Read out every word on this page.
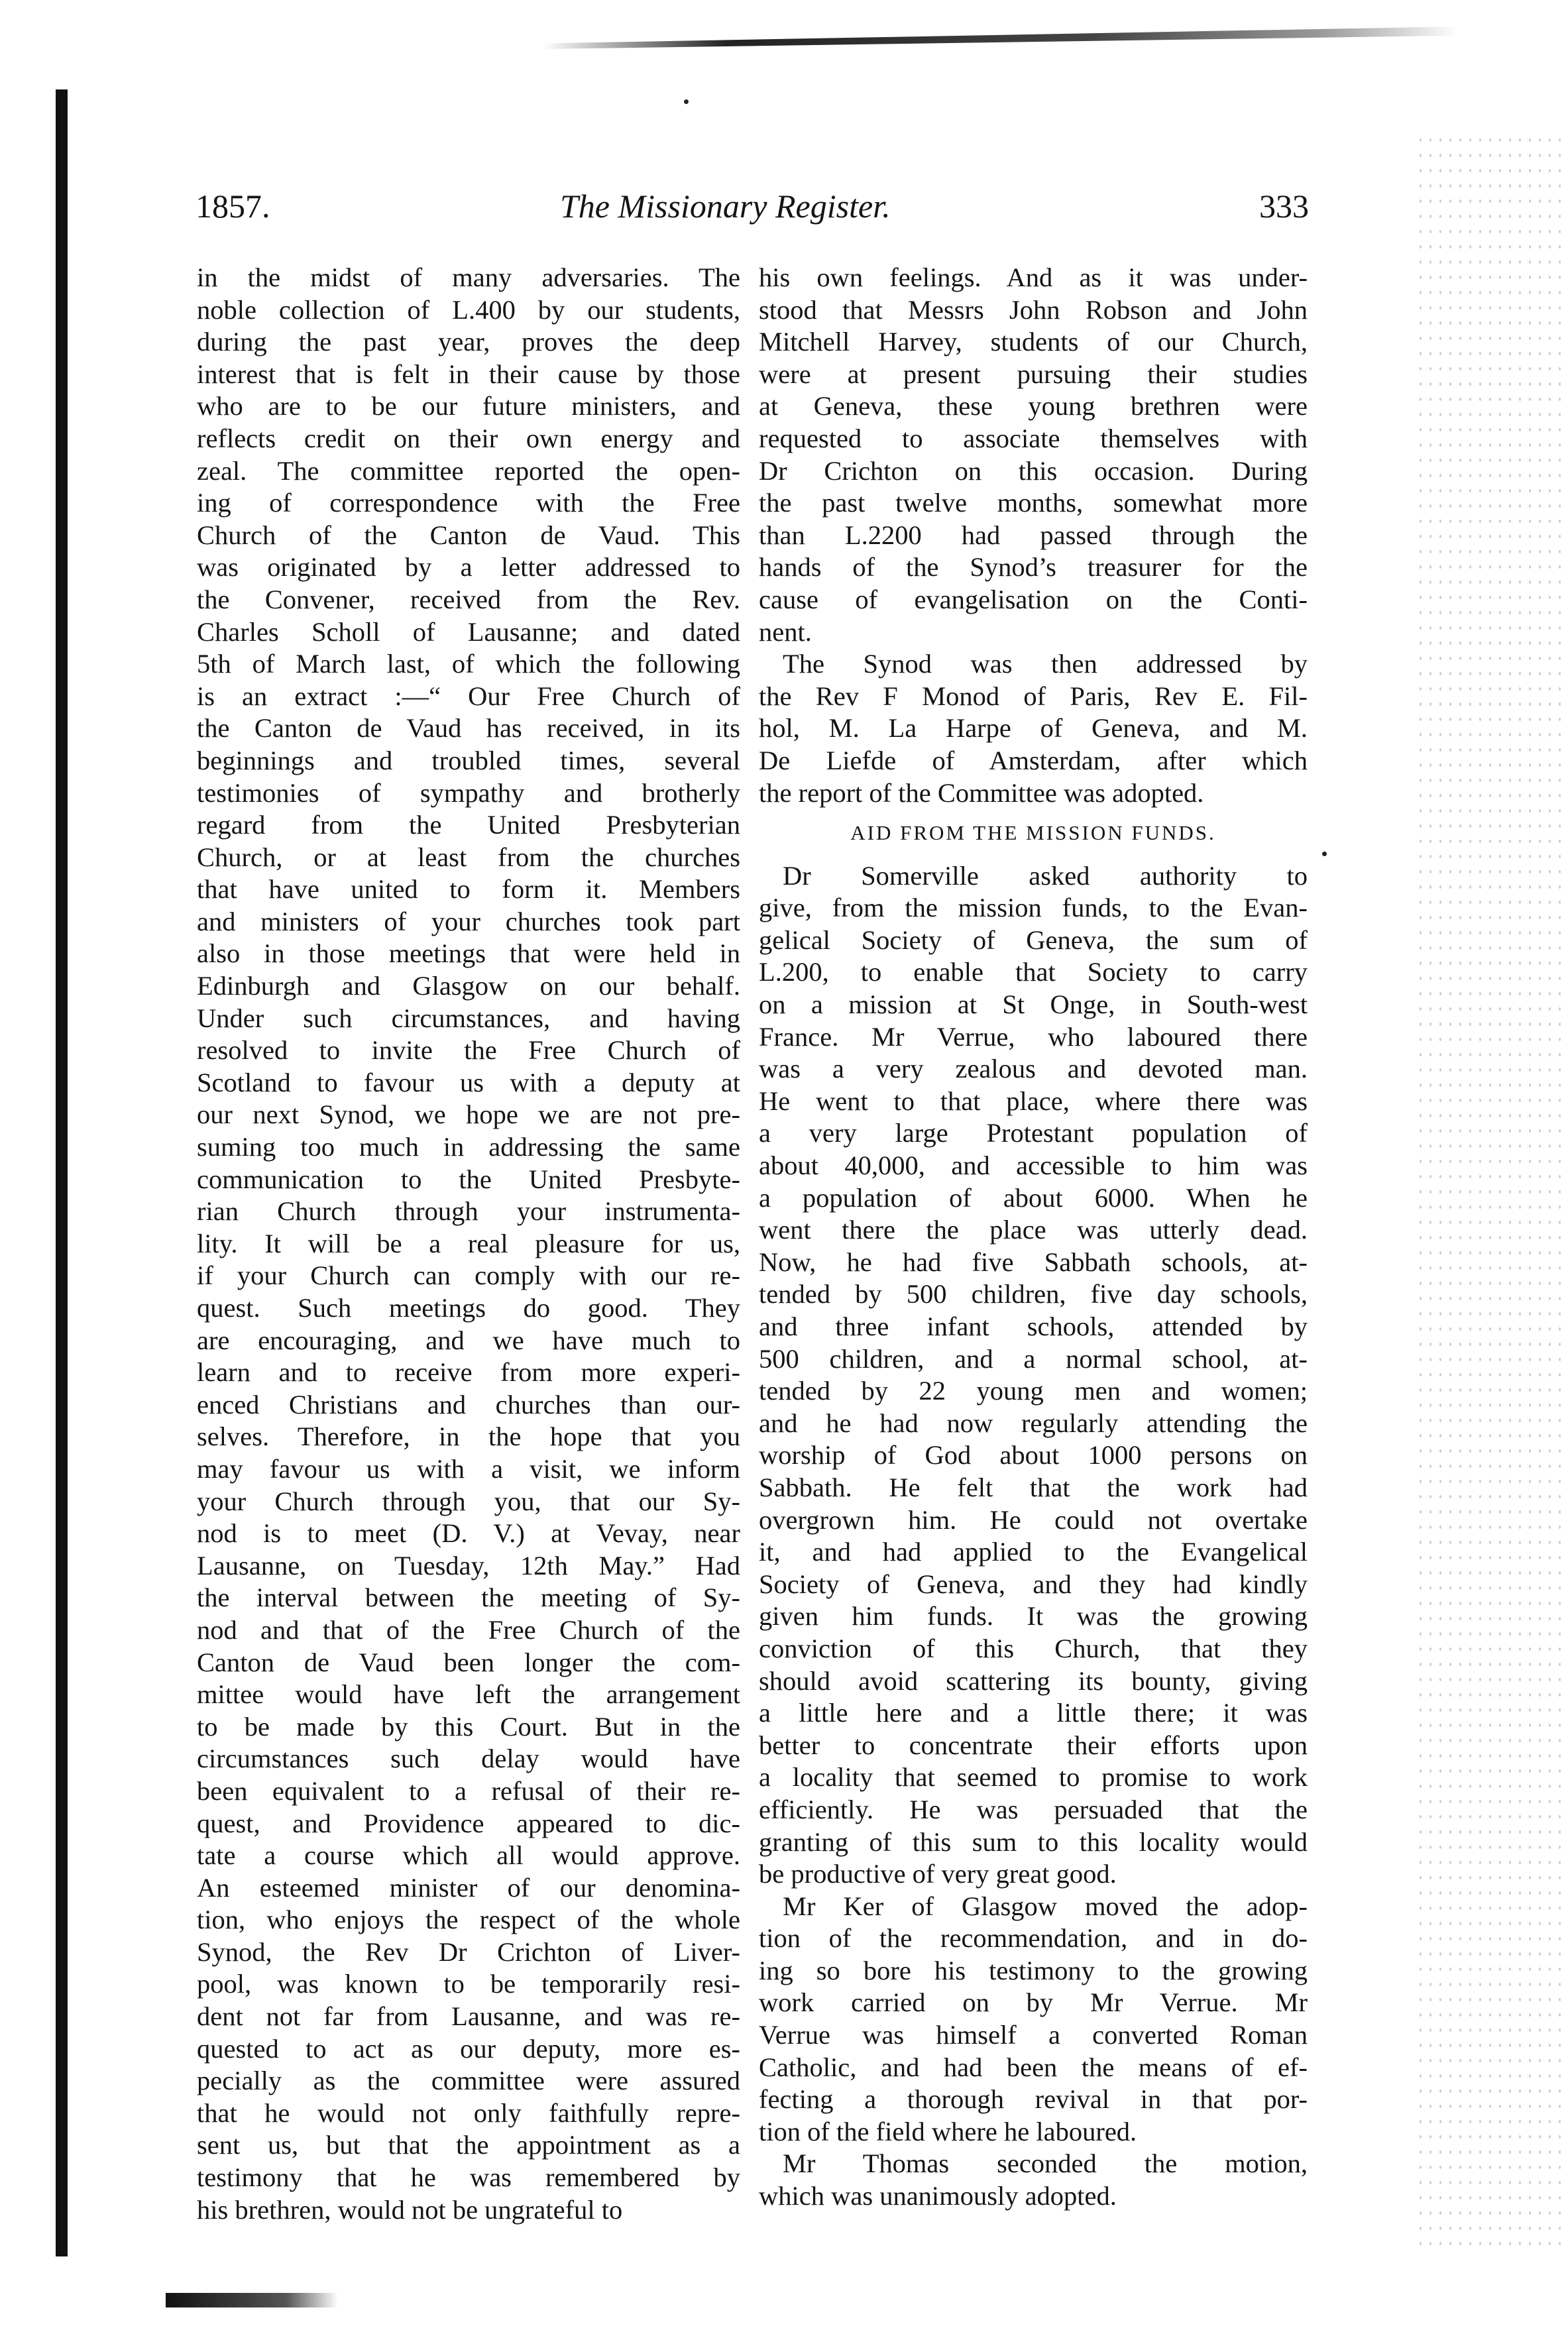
1857.	The Missionary Register.	333
in the midst of many adversaries. The
noble collection of L.400 by our students,
during the past year, proves the deep
interest that is felt in their cause by those
who are to be our future ministers, and
reflects credit on their own energy and
zeal. The committee reported the open-
ing of correspondence with the Free
Church of the Canton de Vaud. This
was originated by a letter addressed to
the Convener, received from the Rev.
Charles Scholl of Lausanne; and dated
5th of March last, of which the following
is an extract :—“ Our Free Church of
the Canton de Vaud has received, in its
beginnings and troubled times, several
testimonies of sympathy and brotherly
regard from the United Presbyterian
Church, or at least from the churches
that have united to form it. Members
and ministers of your churches took part
also in those meetings that were held in
Edinburgh and Glasgow on our behalf.
Under such circumstances, and having
resolved to invite the Free Church of
Scotland to favour us with a deputy at
our next Synod, we hope we are not pre-
suming too much in addressing the same
communication to the United Presbyte-
rian Church through your instrumenta-
lity. It will be a real pleasure for us,
if your Church can comply with our re-
quest. Such meetings do good. They
are encouraging, and we have much to
learn and to receive from more experi-
enced Christians and churches than our-
selves. Therefore, in the hope that you
may favour us with a visit, we inform
your Church through you, that our Sy-
nod is to meet (D. V.) at Vevay, near
Lausanne, on Tuesday, 12th May.” Had
the interval between the meeting of Sy-
nod and that of the Free Church of the
Canton de Vaud been longer the com-
mittee would have left the arrangement
to be made by this Court. But in the
circumstances such delay would have
been equivalent to a refusal of their re-
quest, and Providence appeared to dic-
tate a course which all would approve.
An esteemed minister of our denomina-
tion, who enjoys the respect of the whole
Synod, the Rev Dr Crichton of Liver-
pool, was known to be temporarily resi-
dent not far from Lausanne, and was re-
quested to act as our deputy, more es-
pecially as the committee were assured
that he would not only faithfully repre-
sent us, but that the appointment as a
testimony that he was remembered by
his brethren, would not be ungrateful to
his own feelings. And as it was under-
stood that Messrs John Robson and John
Mitchell Harvey, students of our Church,
were at present pursuing their studies
at Geneva, these young brethren were
requested to associate themselves with
Dr Crichton on this occasion. During
the past twelve months, somewhat more
than L.2200 had passed through the
hands of the Synod’s treasurer for the
cause of evangelisation on the Conti-
nent.
The Synod was then addressed by
the Rev F Monod of Paris, Rev E. Fil-
hol, M. La Harpe of Geneva, and M.
De Liefde of Amsterdam, after which
the report of the Committee was adopted.
AID FROM THE MISSION FUNDS.
Dr Somerville asked authority to
give, from the mission funds, to the Evan-
gelical Society of Geneva, the sum of
L.200, to enable that Society to carry
on a mission at St Onge, in South-west
France. Mr Verrue, who laboured there
was a very zealous and devoted man.
He went to that place, where there was
a very large Protestant population of
about 40,000, and accessible to him was
a population of about 6000. When he
went there the place was utterly dead.
Now, he had five Sabbath schools, at-
tended by 500 children, five day schools,
and three infant schools, attended by
500 children, and a normal school, at-
tended by 22 young men and women;
and he had now regularly attending the
worship of God about 1000 persons on
Sabbath. He felt that the work had
overgrown him. He could not overtake
it, and had applied to the Evangelical
Society of Geneva, and they had kindly
given him funds. It was the growing
conviction of this Church, that they
should avoid scattering its bounty, giving
a little here and a little there; it was
better to concentrate their efforts upon
a locality that seemed to promise to work
efficiently. He was persuaded that the
granting of this sum to this locality would
be productive of very great good.
Mr Ker of Glasgow moved the adop-
tion of the recommendation, and in do-
ing so bore his testimony to the growing
work carried on by Mr Verrue. Mr
Verrue was himself a converted Roman
Catholic, and had been the means of ef-
fecting a thorough revival in that por-
tion of the field where he laboured.
Mr Thomas seconded the motion,
which was unanimously adopted.
